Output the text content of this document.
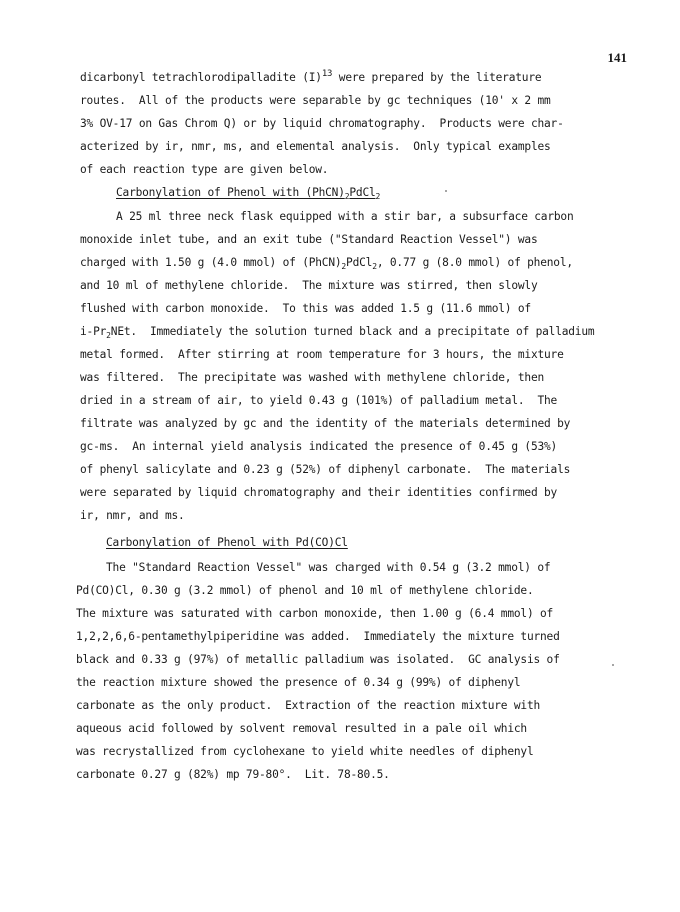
141
dicarbonyl tetrachlorodipalladite $(I)^{13}$ were prepared by the literature
routes.  All of the products were separable by gc techniques (10' x 2 mm
3% OV-17 on Gas Chrom Q) or by liquid chromatography.  Products were char-
acterized by ir, nmr, ms, and elemental analysis.  Only typical examples
of each reaction type are given below.
Carbonylation of Phenol with $(PhCN)_2PdCl_2$
A 25 ml three neck flask equipped with a stir bar, a subsurface carbon
monoxide inlet tube, and an exit tube ("Standard Reaction Vessel") was
charged with 1.50 g (4.0 mmol) of $(PhCN)_2PdCl_2$, 0.77 g (8.0 mmol) of phenol,
and 10 ml of methylene chloride.  The mixture was stirred, then slowly
flushed with carbon monoxide.  To this was added 1.5 g (11.6 mmol) of
$i-Pr_2NEt$.  Immediately the solution turned black and a precipitate of palladium
metal formed.  After stirring at room temperature for 3 hours, the mixture
was filtered.  The precipitate was washed with methylene chloride, then
dried in a stream of air, to yield 0.43 g (101%) of palladium metal.  The
filtrate was analyzed by gc and the identity of the materials determined by
gc-ms.  An internal yield analysis indicated the presence of 0.45 g (53%)
of phenyl salicylate and 0.23 g (52%) of diphenyl carbonate.  The materials
were separated by liquid chromatography and their identities confirmed by
ir, nmr, and ms.
Carbonylation of Phenol with Pd(CO)Cl
The "Standard Reaction Vessel" was charged with 0.54 g (3.2 mmol) of
Pd(CO)Cl, 0.30 g (3.2 mmol) of phenol and 10 ml of methylene chloride.
The mixture was saturated with carbon monoxide, then 1.00 g (6.4 mmol) of
1,2,2,6,6-pentamethylpiperidine was added.  Immediately the mixture turned
black and 0.33 g (97%) of metallic palladium was isolated.  GC analysis of
the reaction mixture showed the presence of 0.34 g (99%) of diphenyl
carbonate as the only product.  Extraction of the reaction mixture with
aqueous acid followed by solvent removal resulted in a pale oil which
was recrystallized from cyclohexane to yield white needles of diphenyl
carbonate 0.27 g (82%) mp 79-80°.  Lit. 78-80.5.
